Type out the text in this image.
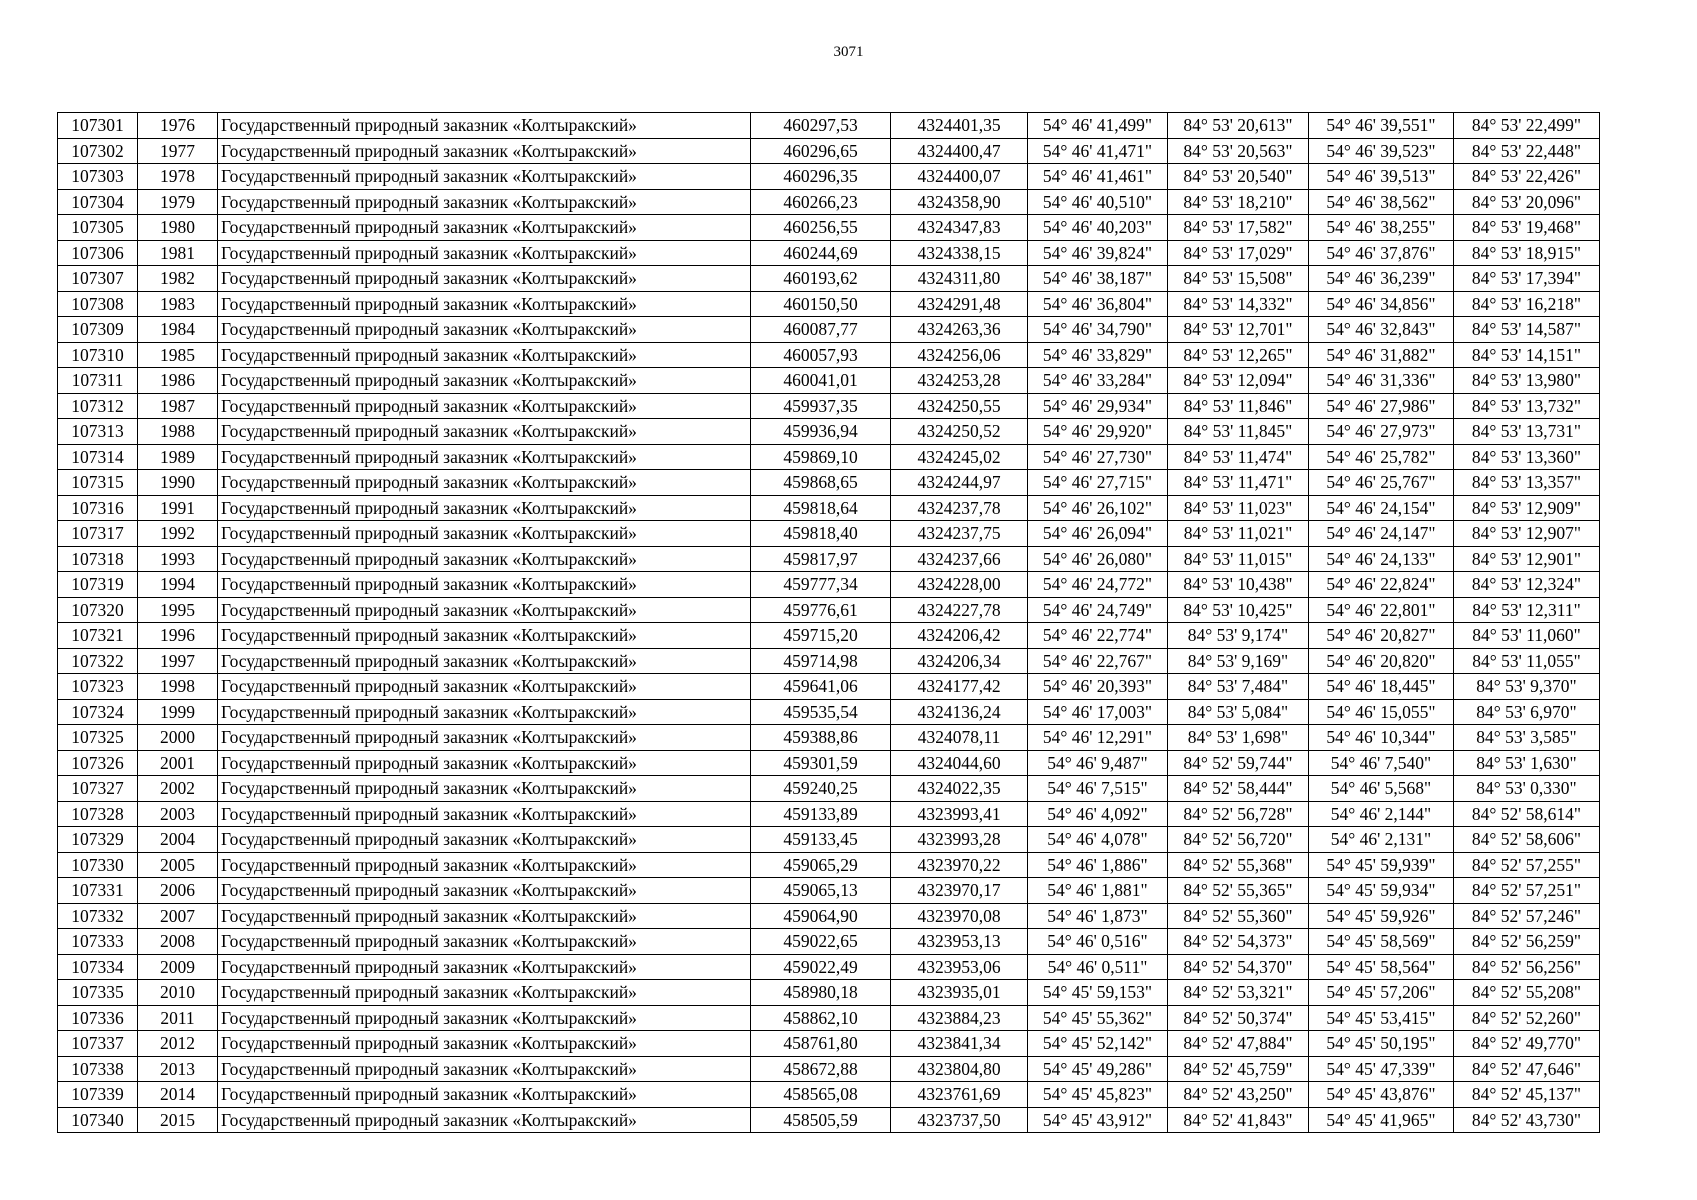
3071
107301	1976	Государственный природный заказник «Колтыракский»	460297,53	4324401,35	54° 46' 41,499"	84° 53' 20,613"	54° 46' 39,551"	84° 53' 22,499"
107302	1977	Государственный природный заказник «Колтыракский»	460296,65	4324400,47	54° 46' 41,471"	84° 53' 20,563"	54° 46' 39,523"	84° 53' 22,448"
107303	1978	Государственный природный заказник «Колтыракский»	460296,35	4324400,07	54° 46' 41,461"	84° 53' 20,540"	54° 46' 39,513"	84° 53' 22,426"
107304	1979	Государственный природный заказник «Колтыракский»	460266,23	4324358,90	54° 46' 40,510"	84° 53' 18,210"	54° 46' 38,562"	84° 53' 20,096"
107305	1980	Государственный природный заказник «Колтыракский»	460256,55	4324347,83	54° 46' 40,203"	84° 53' 17,582"	54° 46' 38,255"	84° 53' 19,468"
107306	1981	Государственный природный заказник «Колтыракский»	460244,69	4324338,15	54° 46' 39,824"	84° 53' 17,029"	54° 46' 37,876"	84° 53' 18,915"
107307	1982	Государственный природный заказник «Колтыракский»	460193,62	4324311,80	54° 46' 38,187"	84° 53' 15,508"	54° 46' 36,239"	84° 53' 17,394"
107308	1983	Государственный природный заказник «Колтыракский»	460150,50	4324291,48	54° 46' 36,804"	84° 53' 14,332"	54° 46' 34,856"	84° 53' 16,218"
107309	1984	Государственный природный заказник «Колтыракский»	460087,77	4324263,36	54° 46' 34,790"	84° 53' 12,701"	54° 46' 32,843"	84° 53' 14,587"
107310	1985	Государственный природный заказник «Колтыракский»	460057,93	4324256,06	54° 46' 33,829"	84° 53' 12,265"	54° 46' 31,882"	84° 53' 14,151"
107311	1986	Государственный природный заказник «Колтыракский»	460041,01	4324253,28	54° 46' 33,284"	84° 53' 12,094"	54° 46' 31,336"	84° 53' 13,980"
107312	1987	Государственный природный заказник «Колтыракский»	459937,35	4324250,55	54° 46' 29,934"	84° 53' 11,846"	54° 46' 27,986"	84° 53' 13,732"
107313	1988	Государственный природный заказник «Колтыракский»	459936,94	4324250,52	54° 46' 29,920"	84° 53' 11,845"	54° 46' 27,973"	84° 53' 13,731"
107314	1989	Государственный природный заказник «Колтыракский»	459869,10	4324245,02	54° 46' 27,730"	84° 53' 11,474"	54° 46' 25,782"	84° 53' 13,360"
107315	1990	Государственный природный заказник «Колтыракский»	459868,65	4324244,97	54° 46' 27,715"	84° 53' 11,471"	54° 46' 25,767"	84° 53' 13,357"
107316	1991	Государственный природный заказник «Колтыракский»	459818,64	4324237,78	54° 46' 26,102"	84° 53' 11,023"	54° 46' 24,154"	84° 53' 12,909"
107317	1992	Государственный природный заказник «Колтыракский»	459818,40	4324237,75	54° 46' 26,094"	84° 53' 11,021"	54° 46' 24,147"	84° 53' 12,907"
107318	1993	Государственный природный заказник «Колтыракский»	459817,97	4324237,66	54° 46' 26,080"	84° 53' 11,015"	54° 46' 24,133"	84° 53' 12,901"
107319	1994	Государственный природный заказник «Колтыракский»	459777,34	4324228,00	54° 46' 24,772"	84° 53' 10,438"	54° 46' 22,824"	84° 53' 12,324"
107320	1995	Государственный природный заказник «Колтыракский»	459776,61	4324227,78	54° 46' 24,749"	84° 53' 10,425"	54° 46' 22,801"	84° 53' 12,311"
107321	1996	Государственный природный заказник «Колтыракский»	459715,20	4324206,42	54° 46' 22,774"	84° 53' 9,174"	54° 46' 20,827"	84° 53' 11,060"
107322	1997	Государственный природный заказник «Колтыракский»	459714,98	4324206,34	54° 46' 22,767"	84° 53' 9,169"	54° 46' 20,820"	84° 53' 11,055"
107323	1998	Государственный природный заказник «Колтыракский»	459641,06	4324177,42	54° 46' 20,393"	84° 53' 7,484"	54° 46' 18,445"	84° 53' 9,370"
107324	1999	Государственный природный заказник «Колтыракский»	459535,54	4324136,24	54° 46' 17,003"	84° 53' 5,084"	54° 46' 15,055"	84° 53' 6,970"
107325	2000	Государственный природный заказник «Колтыракский»	459388,86	4324078,11	54° 46' 12,291"	84° 53' 1,698"	54° 46' 10,344"	84° 53' 3,585"
107326	2001	Государственный природный заказник «Колтыракский»	459301,59	4324044,60	54° 46' 9,487"	84° 52' 59,744"	54° 46' 7,540"	84° 53' 1,630"
107327	2002	Государственный природный заказник «Колтыракский»	459240,25	4324022,35	54° 46' 7,515"	84° 52' 58,444"	54° 46' 5,568"	84° 53' 0,330"
107328	2003	Государственный природный заказник «Колтыракский»	459133,89	4323993,41	54° 46' 4,092"	84° 52' 56,728"	54° 46' 2,144"	84° 52' 58,614"
107329	2004	Государственный природный заказник «Колтыракский»	459133,45	4323993,28	54° 46' 4,078"	84° 52' 56,720"	54° 46' 2,131"	84° 52' 58,606"
107330	2005	Государственный природный заказник «Колтыракский»	459065,29	4323970,22	54° 46' 1,886"	84° 52' 55,368"	54° 45' 59,939"	84° 52' 57,255"
107331	2006	Государственный природный заказник «Колтыракский»	459065,13	4323970,17	54° 46' 1,881"	84° 52' 55,365"	54° 45' 59,934"	84° 52' 57,251"
107332	2007	Государственный природный заказник «Колтыракский»	459064,90	4323970,08	54° 46' 1,873"	84° 52' 55,360"	54° 45' 59,926"	84° 52' 57,246"
107333	2008	Государственный природный заказник «Колтыракский»	459022,65	4323953,13	54° 46' 0,516"	84° 52' 54,373"	54° 45' 58,569"	84° 52' 56,259"
107334	2009	Государственный природный заказник «Колтыракский»	459022,49	4323953,06	54° 46' 0,511"	84° 52' 54,370"	54° 45' 58,564"	84° 52' 56,256"
107335	2010	Государственный природный заказник «Колтыракский»	458980,18	4323935,01	54° 45' 59,153"	84° 52' 53,321"	54° 45' 57,206"	84° 52' 55,208"
107336	2011	Государственный природный заказник «Колтыракский»	458862,10	4323884,23	54° 45' 55,362"	84° 52' 50,374"	54° 45' 53,415"	84° 52' 52,260"
107337	2012	Государственный природный заказник «Колтыракский»	458761,80	4323841,34	54° 45' 52,142"	84° 52' 47,884"	54° 45' 50,195"	84° 52' 49,770"
107338	2013	Государственный природный заказник «Колтыракский»	458672,88	4323804,80	54° 45' 49,286"	84° 52' 45,759"	54° 45' 47,339"	84° 52' 47,646"
107339	2014	Государственный природный заказник «Колтыракский»	458565,08	4323761,69	54° 45' 45,823"	84° 52' 43,250"	54° 45' 43,876"	84° 52' 45,137"
107340	2015	Государственный природный заказник «Колтыракский»	458505,59	4323737,50	54° 45' 43,912"	84° 52' 41,843"	54° 45' 41,965"	84° 52' 43,730"
